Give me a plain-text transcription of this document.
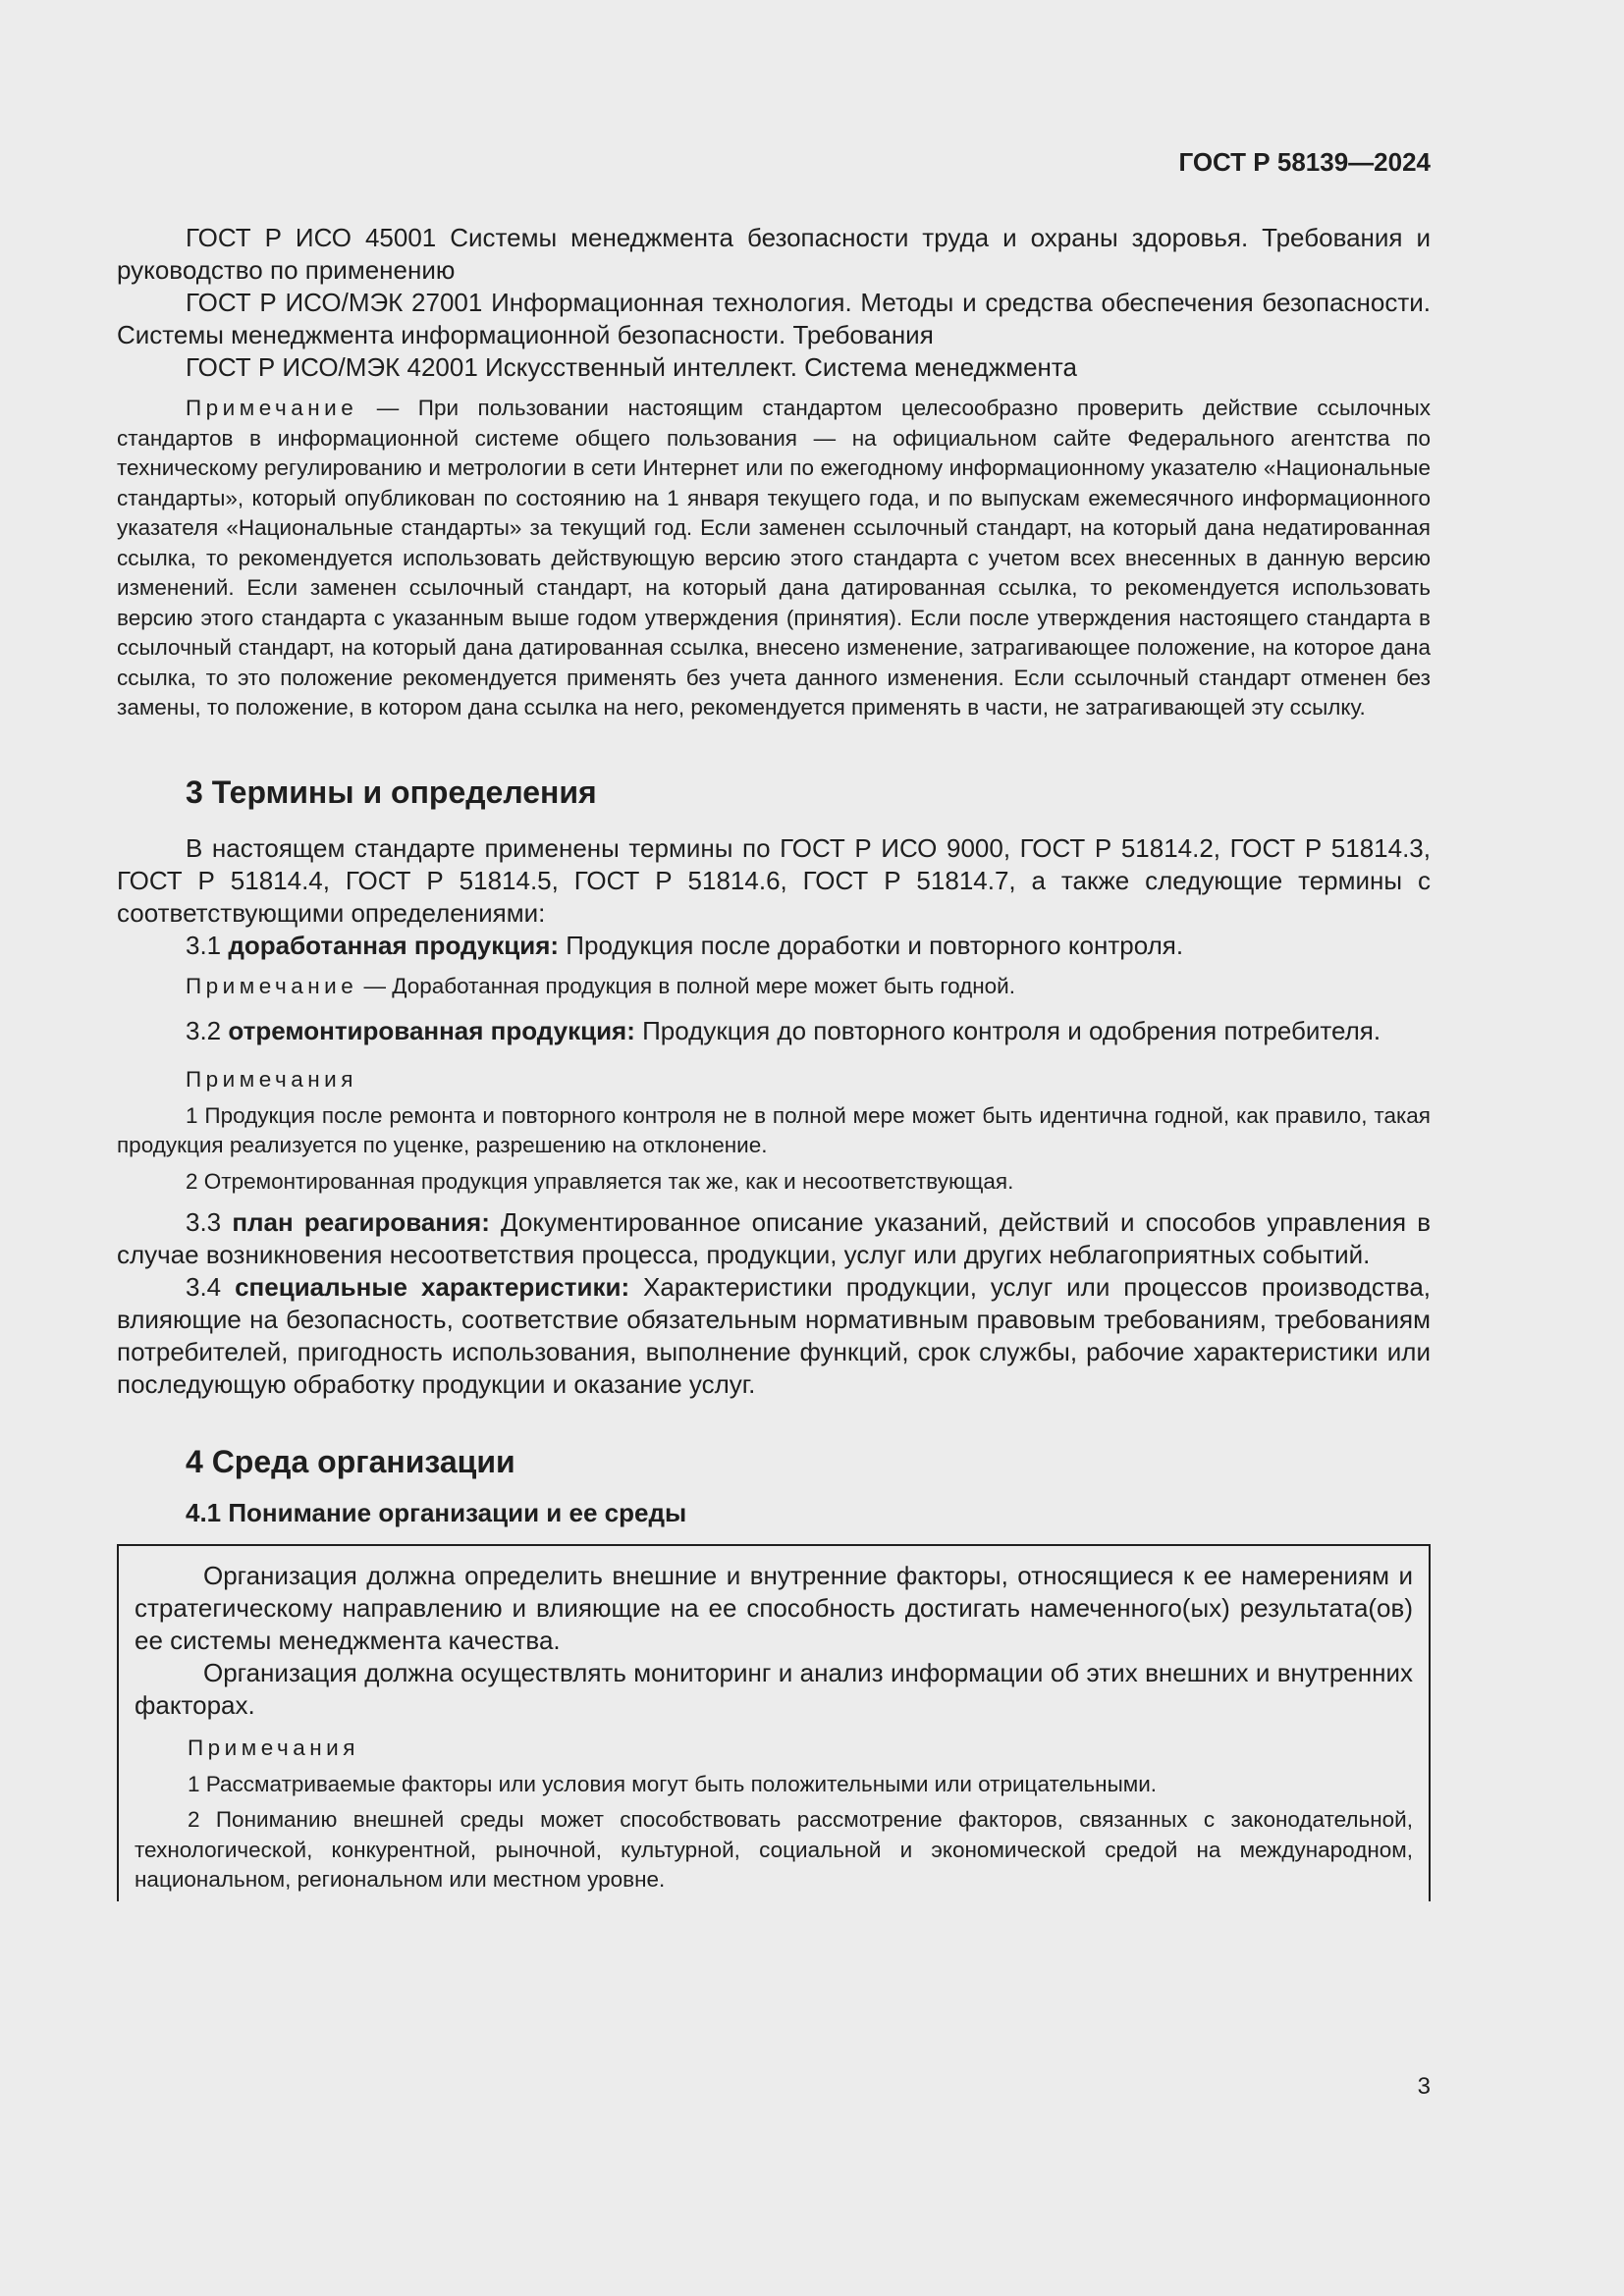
ГОСТ Р 58139—2024

ГОСТ Р ИСО 45001 Системы менеджмента безопасности труда и охраны здоровья. Требования и руководство по применению

ГОСТ Р ИСО/МЭК 27001 Информационная технология. Методы и средства обеспечения безопасности. Системы менеджмента информационной безопасности. Требования

ГОСТ Р ИСО/МЭК 42001 Искусственный интеллект. Система менеджмента

Примечание — При пользовании настоящим стандартом целесообразно проверить действие ссылочных стандартов в информационной системе общего пользования — на официальном сайте Федерального агентства по техническому регулированию и метрологии в сети Интернет или по ежегодному информационному указателю «Национальные стандарты», который опубликован по состоянию на 1 января текущего года, и по выпускам ежемесячного информационного указателя «Национальные стандарты» за текущий год. Если заменен ссылочный стандарт, на который дана недатированная ссылка, то рекомендуется использовать действующую версию этого стандарта с учетом всех внесенных в данную версию изменений. Если заменен ссылочный стандарт, на который дана датированная ссылка, то рекомендуется использовать версию этого стандарта с указанным выше годом утверждения (принятия). Если после утверждения настоящего стандарта в ссылочный стандарт, на который дана датированная ссылка, внесено изменение, затрагивающее положение, на которое дана ссылка, то это положение рекомендуется применять без учета данного изменения. Если ссылочный стандарт отменен без замены, то положение, в котором дана ссылка на него, рекомендуется применять в части, не затрагивающей эту ссылку.

3 Термины и определения

В настоящем стандарте применены термины по ГОСТ Р ИСО 9000, ГОСТ Р 51814.2, ГОСТ Р 51814.3, ГОСТ Р 51814.4, ГОСТ Р 51814.5, ГОСТ Р 51814.6, ГОСТ Р 51814.7, а также следующие термины с соответствующими определениями:

3.1 доработанная продукция: Продукция после доработки и повторного контроля.

Примечание — Доработанная продукция в полной мере может быть годной.

3.2 отремонтированная продукция: Продукция до повторного контроля и одобрения потребителя.

Примечания

1 Продукция после ремонта и повторного контроля не в полной мере может быть идентична годной, как правило, такая продукция реализуется по уценке, разрешению на отклонение.

2 Отремонтированная продукция управляется так же, как и несоответствующая.

3.3 план реагирования: Документированное описание указаний, действий и способов управления в случае возникновения несоответствия процесса, продукции, услуг или других неблагоприятных событий.

3.4 специальные характеристики: Характеристики продукции, услуг или процессов производства, влияющие на безопасность, соответствие обязательным нормативным правовым требованиям, требованиям потребителей, пригодность использования, выполнение функций, срок службы, рабочие характеристики или последующую обработку продукции и оказание услуг.

4 Среда организации
4.1 Понимание организации и ее среды

Организация должна определить внешние и внутренние факторы, относящиеся к ее намерениям и стратегическому направлению и влияющие на ее способность достигать намеченного(ых) результата(ов) ее системы менеджмента качества.

Организация должна осуществлять мониторинг и анализ информации об этих внешних и внутренних факторах.

Примечания

1 Рассматриваемые факторы или условия могут быть положительными или отрицательными.

2 Пониманию внешней среды может способствовать рассмотрение факторов, связанных с законодательной, технологической, конкурентной, рыночной, культурной, социальной и экономической средой на международном, национальном, региональном или местном уровне.

3
